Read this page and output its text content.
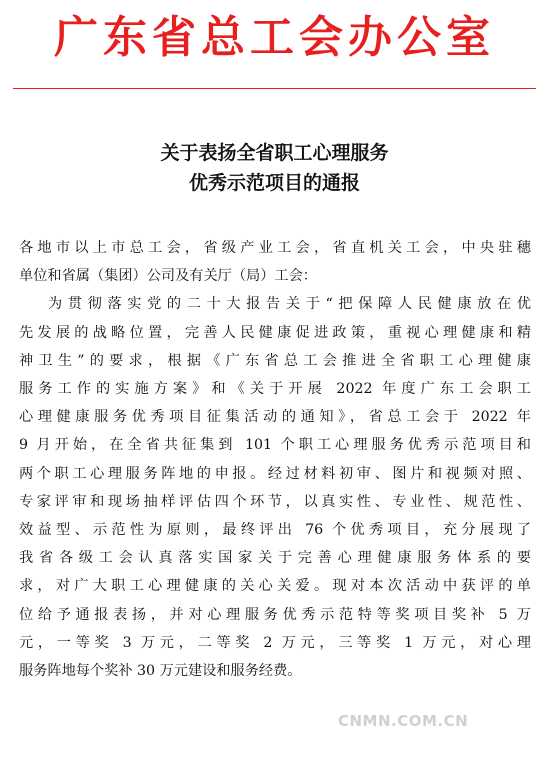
广东省总工会办公室
关于表扬全省职工心理服务
优秀示范项目的通报
各地市以上市总工会，省级产业工会，省直机关工会，中央驻穗
单位和省属（集团）公司及有关厅（局）工会：
为贯彻落实党的二十大报告关于“把保障人民健康放在优
先发展的战略位置，完善人民健康促进政策，重视心理健康和精
神卫生”的要求，根据《广东省总工会推进全省职工心理健康
服务工作的实施方案》和《关于开展 2022 年度广东工会职工
心理健康服务优秀项目征集活动的通知》，省总工会于 2022 年
9 月开始，在全省共征集到 101 个职工心理服务优秀示范项目和
两个职工心理服务阵地的申报。经过材料初审、图片和视频对照、
专家评审和现场抽样评估四个环节，以真实性、专业性、规范性、
效益型、示范性为原则，最终评出 76 个优秀项目，充分展现了
我省各级工会认真落实国家关于完善心理健康服务体系的要
求，对广大职工心理健康的关心关爱。现对本次活动中获评的单
位给予通报表扬，并对心理服务优秀示范特等奖项目奖补 5 万
元，一等奖 3 万元，二等奖 2 万元，三等奖 1 万元，对心理
服务阵地每个奖补 30 万元建设和服务经费。
CNMN.COM.CN
